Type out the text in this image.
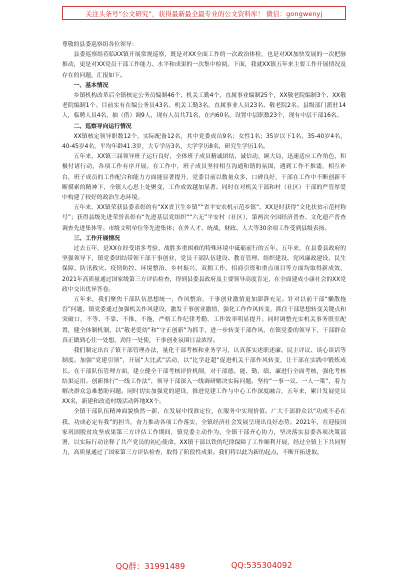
关注头条号“公文研究”，获得最新最全最专业的公文资料库！ 微信：gongwenyj

尊敬的县委巡察组各位领导：

县委巡察组莅临XX镇开展常规巡察，既是对XX全面工作的一次政治体检，也是对XX加快发展的一次把脉推动，更是对XX党员干部工作能力、水平和成果的一次集中检阅。下面，我就XX镇五年来主要工作开展情况及存在的问题，汇报如下。

一、基本情况

乡镇机构改革后全镇核定公务员编制46个、机关工勤4个，直属事业编制25个，XX敬老院编制3个、XX敬老院编制1个。目前实有在编公务员43名、机关工勤3名，直属事业人员23名、敬老院2名。县级部门派驻14人，临聘人员4名，抽（借）调9人，现有人员共71名，在内60名，设置中层职数23个，现有中层干部16名。

二、巡察导向运行情况

XX镇核定领导职数12个，实际配备12名，其中党委成员9名；女性1名；35岁以下1名，35-40岁4名，40-45岁4名，平均年龄41.3岁，大专学历3名，大学学历8名，研究生学历1名。

五年来，XX镇三届领导班子运行良好，全体班子成员精诚团结、诚信动、顾大局，迅速适应工作角色，积极付诸行动，各项工作有序开展。在工作中，班子成员坚持相互沟通和谐的氛围，遇到工作不推诿，相互补台，班子成员的工作配合和能力方面能显著提升，党委目前以数量众多，口碑良好，干部在工作中不断创新不断摸索的精神下，全镇人心思上处聚变，工作成效越加显著。同时在对机关干部和村（社区）干部的严管厚爱中构建了较好的政治生态环境。

五年来，XX镇荣获县委表彰的有“XX省卫生乡镇”“省平安农机示范乡镇”、XX是时获得“文化扶贫示范村称号”；获得县级先进荣誉表彰有“先进基层党组织”“六无”平安村（社区），第两次全国经济普查、文化遗产普查调查先进集体等。市级文明单位等先进集体；在外人才、统战、财政、人大等30余项工作受到县级表扬。

三、工作开展情况

过去五年，是XX在经受诸多考验、战胜多重困难的特殊环境中砥砺前行的五年。五年来，在县委县政府的坚强领导下，镇党委团结带领干部干事创业，党员干部队伍建设、教育管理、组织建设、党风廉政建设、民生保障、防汛救灾、疫情防控、环境整治、乡村振兴、双拥工作、招商引资和重点项目等方面均取得新成效，2021年高质量通过国家级第三方评估检查，得到县委县政府及主要领导高度肯定，在全面建成小康社会的XX党政中交出优异答卷。

五年来，我们聚焦干部队伍思想统一，作风整治，干事创业激情更加澎湃充足。针对以前干部“懒散拖沓”问题，镇党委通过加强机关作风建设，激发干事创业激情，强化工作作风转变，抓住干部思想转变关键点和突破口，不等、不靠、不推、不拖，严格工作纪律考勤，工作效率明显提升。同时调整充实机关事务股室配置，健全体制机制，以“敬老爱幼”和“守正创新”为抓手，进一步转变干部作风，在镇党委的领导下，干部群众真正做到心往一处想、劲往一处使，干事创业氛围日益浓厚。

我们制定出台了镇干部管理办法，量化干部考核和业务学习，认真落实述职述廉、民主评议、谈心谈话等制度。加强“党建引领”，开展“大比武”活动，以“比学赶超”促进机关干部作风转变，让干部在实践中锻炼成长。在干部队伍管理方面，建立健全干部考核评价机制，对干部德、能、勤、绩、廉进行全面考核，强化考核结果运用。创新推行“一线工作法”，领导干部深入一线调研解决实际问题。坚持“一事一议、一人一策”，着力解决群众急难愁盼问题。同时切实加强党的建设，推进党建工作与中心工作深度融合，五年来，累计发展党员XX名，新建和改造村级活动阵地XX个。

全镇干部队伍精神面貌焕然一新，在发展中找准定位，在服务中实现价值。广大干部群众以“功成不必在我、功成必定有我”的担当，奋力推动各项工作落实，全镇经济社会发展呈现出良好态势。2021年，在迎接国家巩固脱贫攻坚成果第三方评估工作期间，镇党委主动作为，全镇干部齐心协力，坚决落实县委各项决策部署，以实际行动诠释了共产党员的初心使命。XX镇干部以铁的纪律保障了工作顺利开展，经过全镇上下共同努力，高质量通过了国家第三方评估检查，取得了阶段性成果。我们将以此为新的起点，不断开拓进取。

QQ群：31991489	QQ:535304092
